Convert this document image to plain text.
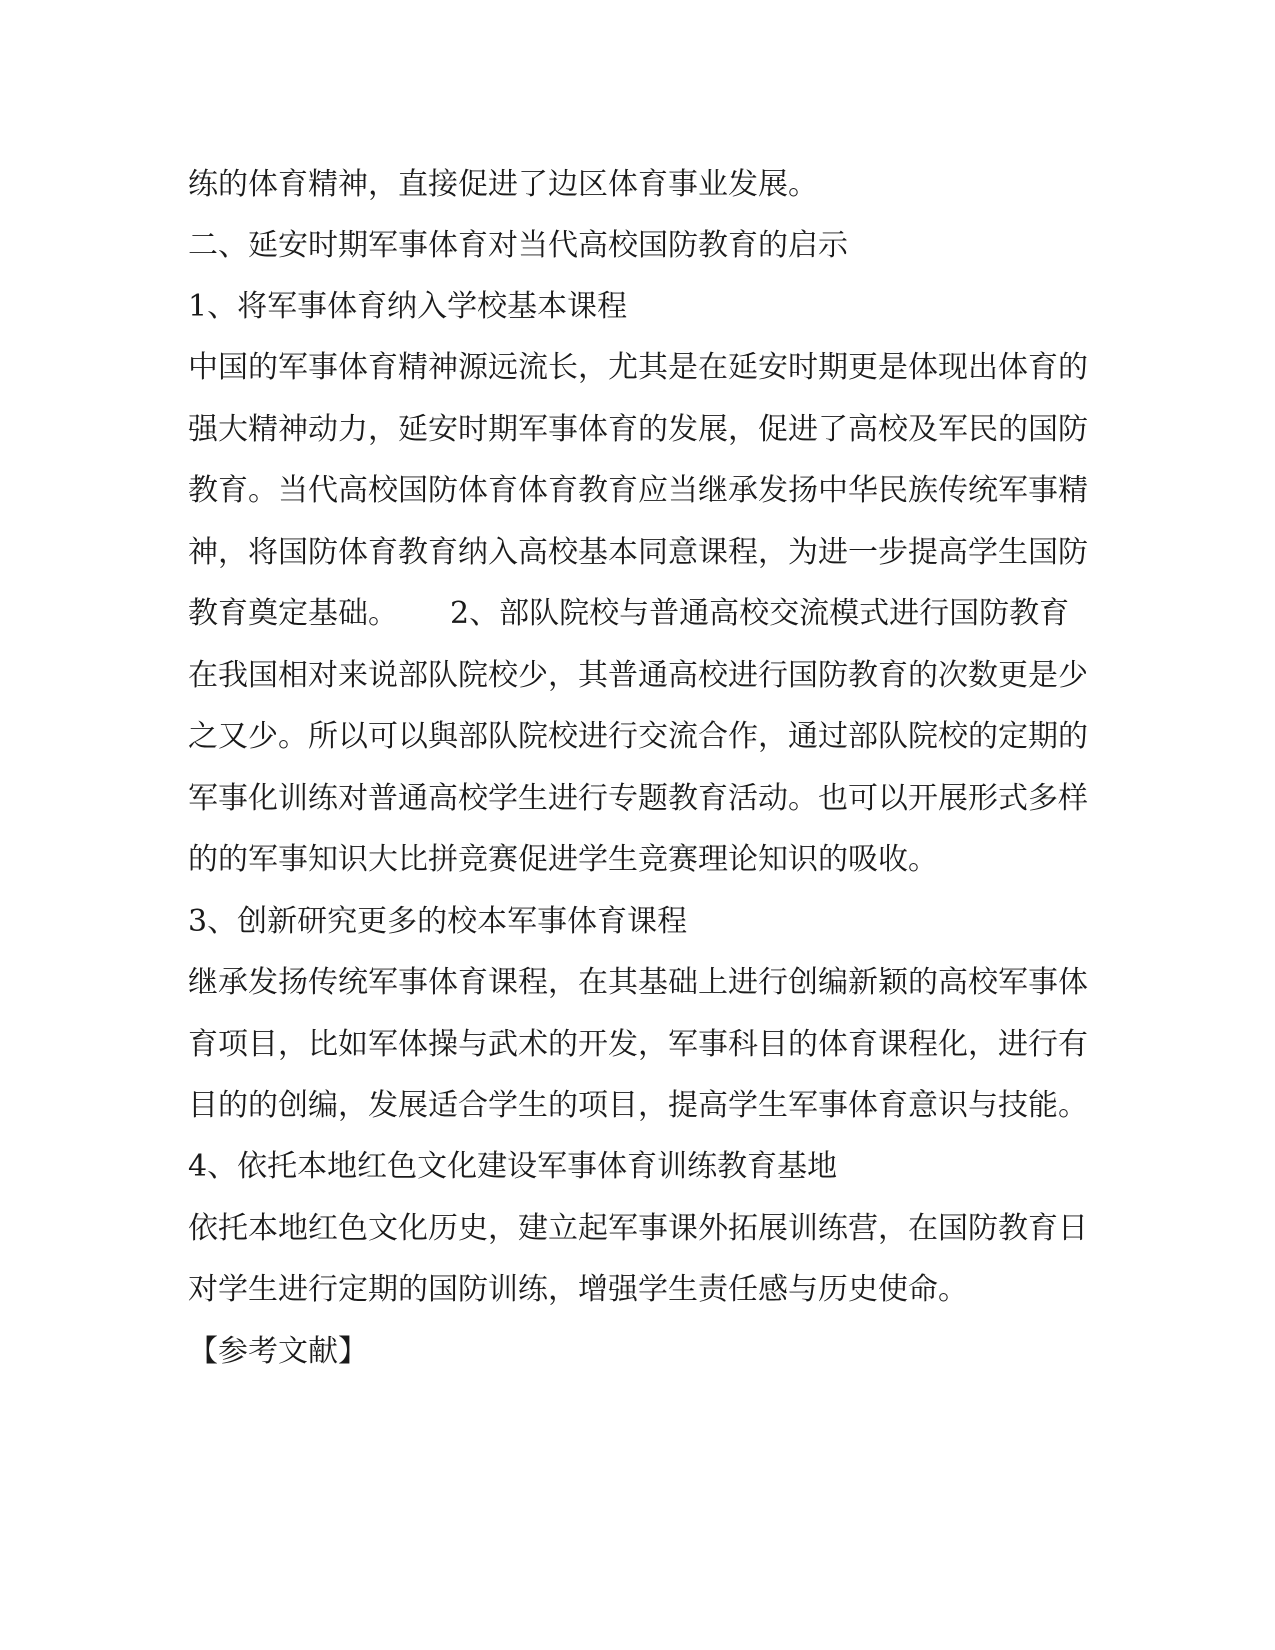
练的体育精神，直接促进了边区体育事业发展。

二、延安时期军事体育对当代高校国防教育的启示

1、将军事体育纳入学校基本课程

中国的军事体育精神源远流长，尤其是在延安时期更是体现出体育的

强大精神动力，延安时期军事体育的发展，促进了高校及军民的国防

教育。当代高校国防体育体育教育应当继承发扬中华民族传统军事精

神，将国防体育教育纳入高校基本同意课程，为进一步提高学生国防

教育奠定基础。 2、部队院校与普通高校交流模式进行国防教育

在我国相对来说部队院校少，其普通高校进行国防教育的次数更是少

之又少。所以可以與部队院校进行交流合作，通过部队院校的定期的

军事化训练对普通高校学生进行专题教育活动。也可以开展形式多样

的的军事知识大比拼竞赛促进学生竞赛理论知识的吸收。

3、创新研究更多的校本军事体育课程

继承发扬传统军事体育课程，在其基础上进行创编新颖的高校军事体

育项目，比如军体操与武术的开发，军事科目的体育课程化，进行有

目的的创编，发展适合学生的项目，提高学生军事体育意识与技能。

4、依托本地红色文化建设军事体育训练教育基地

依托本地红色文化历史，建立起军事课外拓展训练营，在国防教育日

对学生进行定期的国防训练，增强学生责任感与历史使命。

【参考文献】
